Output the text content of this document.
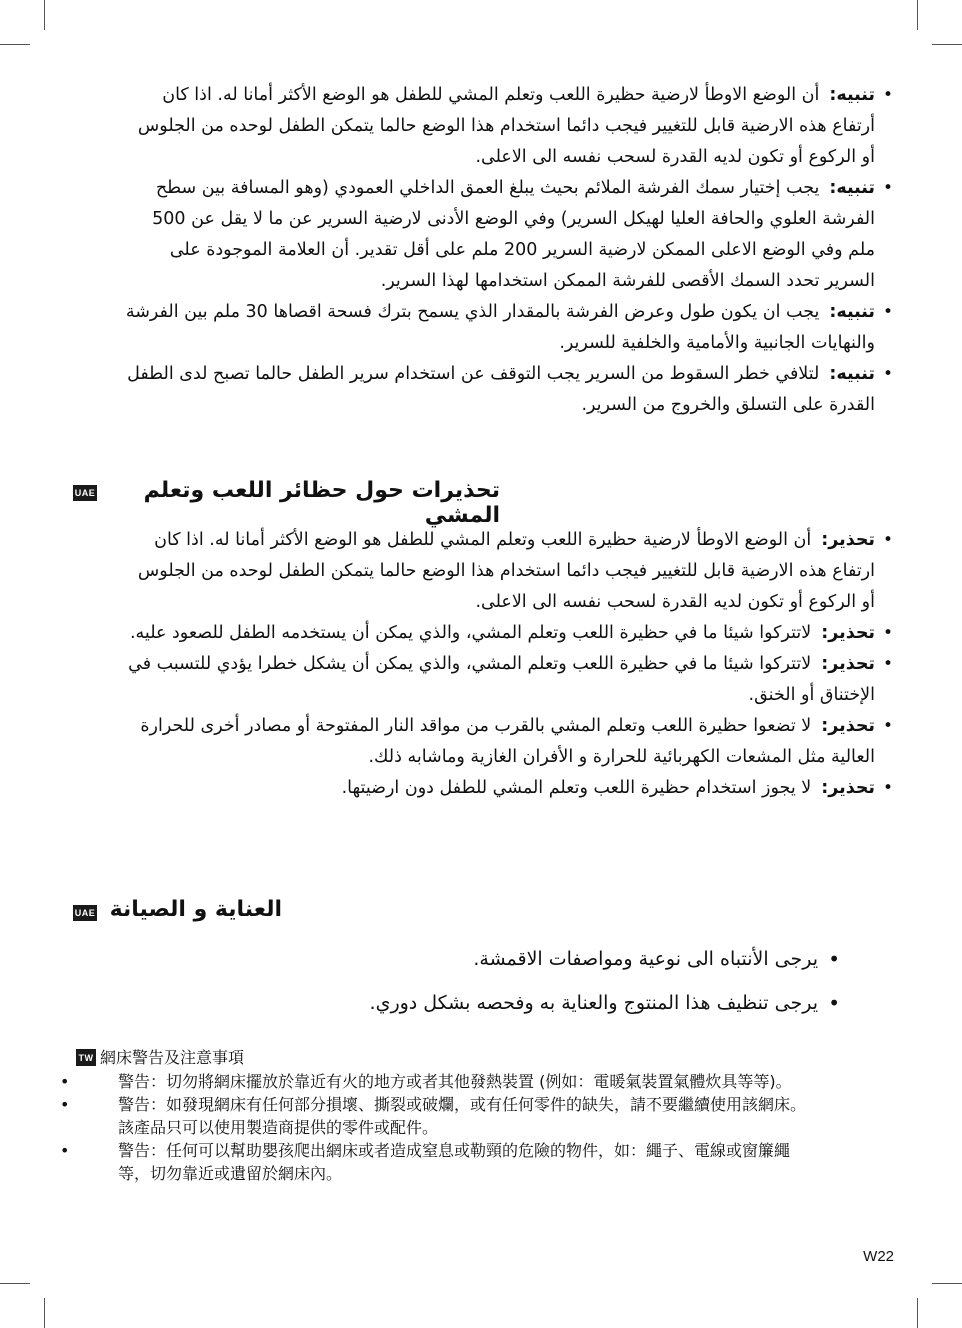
•
تنبيه:أن الوضع الاوطأ لارضية حظيرة اللعب وتعلم المشي للطفل هو الوضع الأكثر أمانا له. اذا كان أرتفاع هذه الارضية قابل للتغيير فيجب دائما استخدام هذا الوضع حالما يتمكن الطفل لوحده من الجلوس أو الركوع أو تكون لديه القدرة لسحب نفسه الى الاعلى.
•
تنبيه:يجب إختيار سمك الفرشة الملائم بحيث يبلغ العمق الداخلي العمودي (وهو المسافة بين سطح الفرشة العلوي والحافة العليا لهيكل السرير) وفي الوضع الأدنى لارضية السرير عن ما لا يقل عن 500 ملم وفي الوضع الاعلى الممكن لارضية السرير 200 ملم على أقل تقدير. أن العلامة الموجودة على السرير تحدد السمك الأقصى للفرشة الممكن استخدامها لهذا السرير.
•
تنبيه:يجب ان يكون طول وعرض الفرشة بالمقدار الذي يسمح بترك فسحة اقصاها 30 ملم بين الفرشة والنهايات الجانبية والأمامية والخلفية للسرير.
•
تنبيه:لتلافي خطر السقوط من السرير يجب التوقف عن استخدام سرير الطفل حالما تصبح لدى الطفل القدرة على التسلق والخروج من السرير.
UAE	تحذيرات حول حظائر اللعب وتعلم المشي
•
تحذير:أن الوضع الاوطأ لارضية حظيرة اللعب وتعلم المشي للطفل هو الوضع الأكثر أمانا له. اذا كان ارتفاع هذه الارضية قابل للتغيير فيجب دائما استخدام هذا الوضع حالما يتمكن الطفل لوحده من الجلوس أو الركوع أو تكون لديه القدرة لسحب نفسه الى الاعلى.
•
تحذير:لاتتركوا شيئا ما في حظيرة اللعب وتعلم المشي، والذي يمكن أن يستخدمه الطفل للصعود عليه.
•
تحذير:لاتتركوا شيئا ما في حظيرة اللعب وتعلم المشي، والذي يمكن أن يشكل خطرا يؤدي للتسبب في الإختناق أو الخنق.
•
تحذير:لا تضعوا حظيرة اللعب وتعلم المشي بالقرب من مواقد النار المفتوحة أو مصادر أخرى للحرارة العالية مثل المشعات الكهربائية للحرارة و الأفران الغازية وماشابه ذلك.
•
تحذير:لا يجوز استخدام حظيرة اللعب وتعلم المشي للطفل دون ارضيتها.
UAE العناية و الصيانة
•
يرجى الأنتباه الى نوعية ومواصفات الاقمشة.
•
يرجى تنظيف هذا المنتوج والعناية به وفحصه بشكل دوري.
TW 網床警告及注意事項
•	警告：切勿將網床擺放於靠近有火的地方或者其他發熱裝置 (例如：電暖氣裝置氣體炊具等等)。
•	警告：如發現網床有任何部分損壞、撕裂或破爛，或有任何零件的缺失，請不要繼續使用該網床。該產品只可以使用製造商提供的零件或配件。
•	警告：任何可以幫助嬰孩爬出網床或者造成窒息或勒頸的危險的物件，如：繩子、電線或窗簾繩等，切勿靠近或遺留於網床內。
W22
